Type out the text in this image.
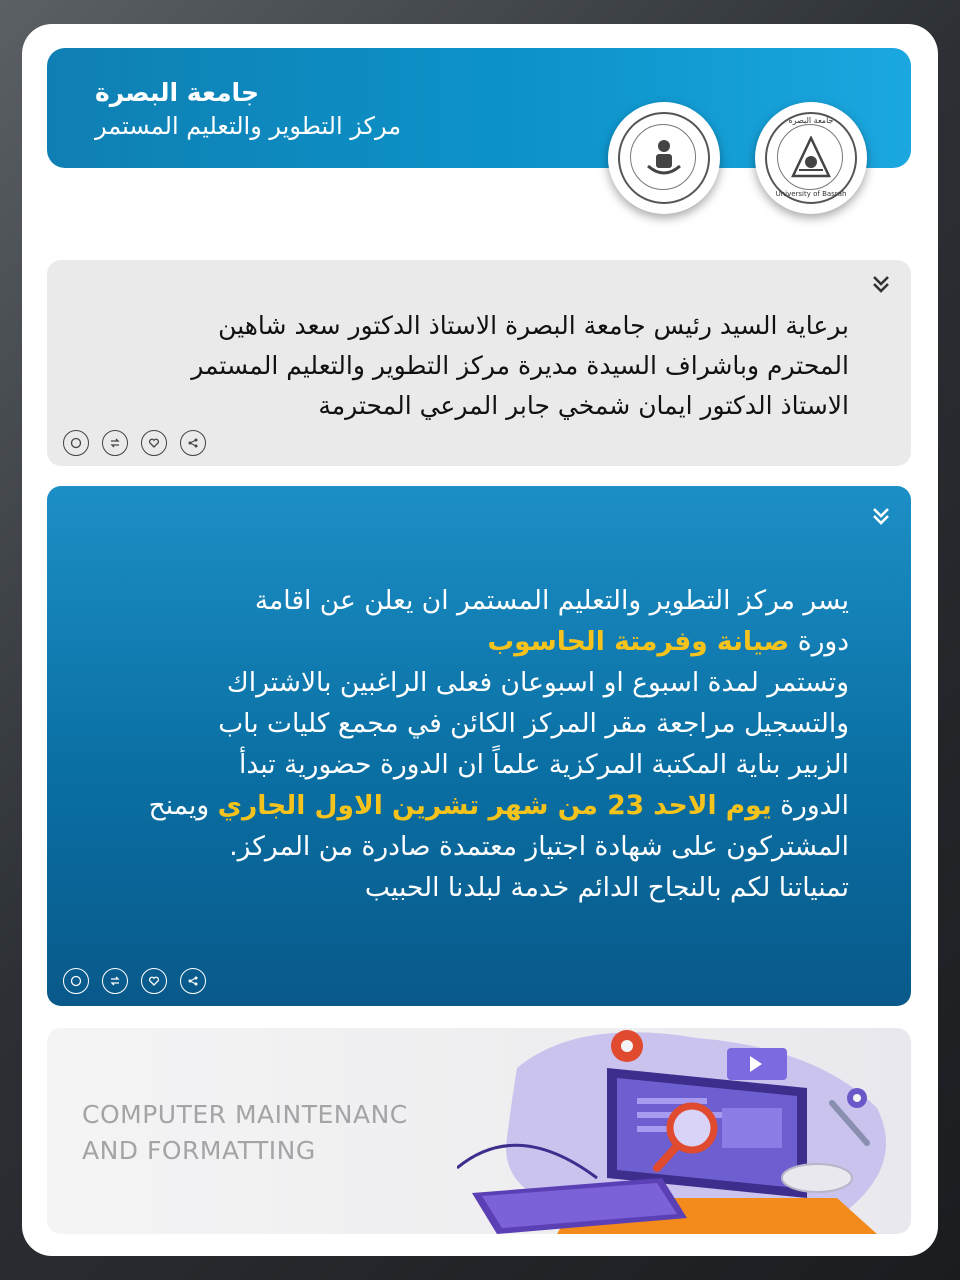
جامعة البصرة
مركز التطوير والتعليم المستمر	جامعة البصرة
University of Basrah
برعاية السيد رئيس جامعة البصرة الاستاذ الدكتور سعد شاهين
المحترم وباشراف السيدة مديرة مركز التطوير والتعليم المستمر
الاستاذ الدكتور ايمان شمخي جابر المرعي المحترمة
يسر مركز التطوير والتعليم المستمر ان يعلن عن اقامة
دورة صيانة وفرمتة الحاسوب
وتستمر لمدة اسبوع او اسبوعان فعلى الراغبين بالاشتراك
والتسجيل مراجعة مقر المركز الكائن في مجمع كليات باب
الزبير بناية المكتبة المركزية علماً ان الدورة حضورية تبدأ
الدورة يوم الاحد 23 من شهر تشرين الاول الجاري ويمنح
المشتركون على شهادة اجتياز معتمدة صادرة من المركز.
تمنياتنا لكم بالنجاح الدائم خدمة لبلدنا الحبيب
COMPUTER MAINTENANC
AND FORMATTING
